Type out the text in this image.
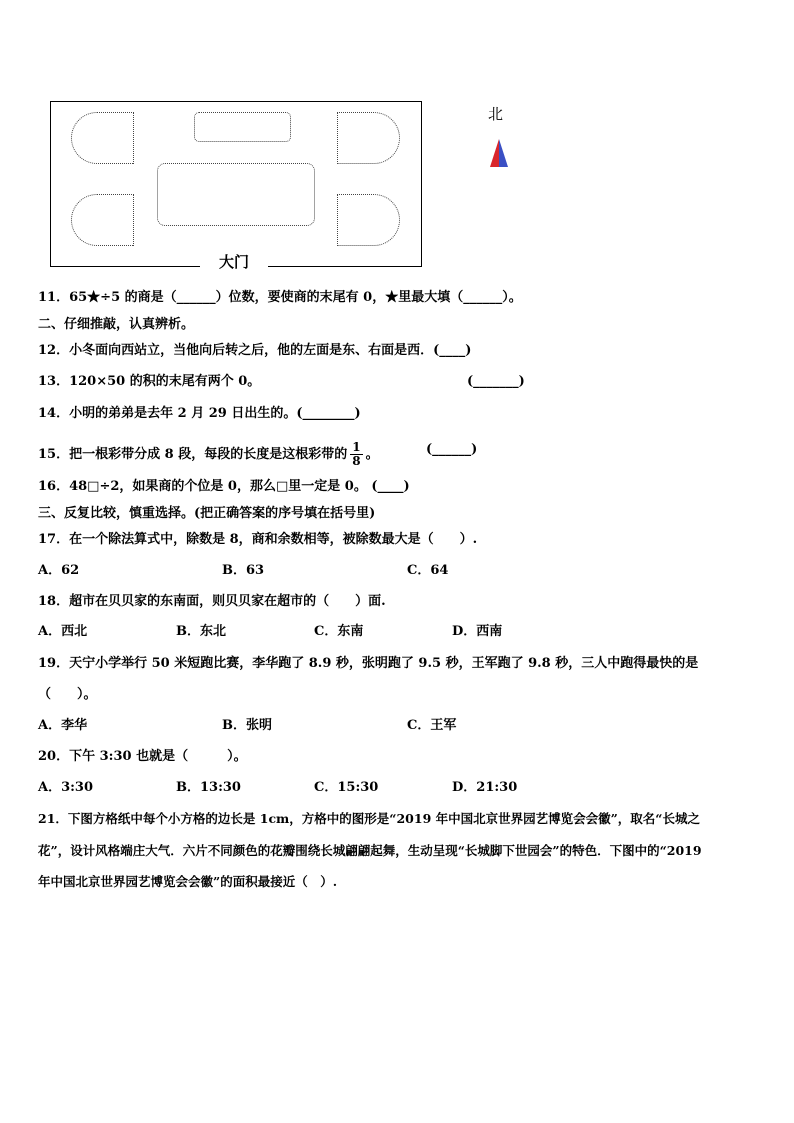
大门
北
11．65★÷5 的商是（______）位数，要使商的末尾有 0，★里最大填（______）。
二、仔细推敲，认真辨析。
12．小冬面向西站立，当他向后转之后，他的左面是东、右面是西．(____)
13．120×50 的积的末尾有两个 0。	(_______)
14．小明的弟弟是去年 2 月 29 日出生的。(________)
15．把一根彩带分成 8 段，每段的长度是这根彩带的 $\frac{1}{8}$ 。	(______)
16．48□÷2，如果商的个位是 0，那么□里一定是 0。 (____)
三、反复比较，慎重选择。(把正确答案的序号填在括号里)
17．在一个除法算式中，除数是 8，商和余数相等，被除数最大是（　　）.
A．62	B．63	C．64
18．超市在贝贝家的东南面，则贝贝家在超市的（　　）面.
A．西北	B．东北	C．东南	D．西南
19．天宁小学举行 50 米短跑比赛，李华跑了 8.9 秒，张明跑了 9.5 秒，王军跑了 9.8 秒，三人中跑得最快的是
（　　）。
A．李华	B．张明	C．王军
20．下午 3:30 也就是（　　　）。
A．3:30	B．13:30	C．15:30	D．21:30
21．下图方格纸中每个小方格的边长是 1cm，方格中的图形是“2019 年中国北京世界园艺博览会会徽”，取名“长城之
花”，设计风格端庄大气．六片不同颜色的花瓣围绕长城翩翩起舞，生动呈现“长城脚下世园会”的特色．下图中的“2019
年中国北京世界园艺博览会会徽”的面积最接近（　）.
